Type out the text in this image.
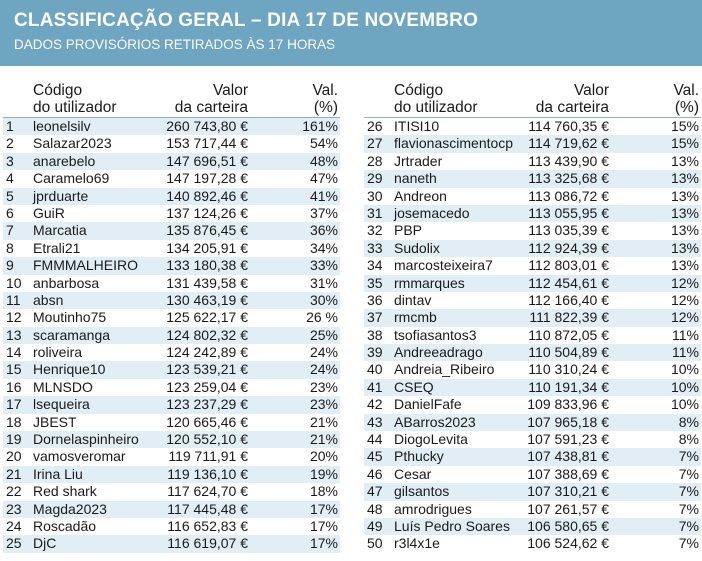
CLASSIFICAÇÃO GERAL – DIA 17 DE NOVEMBRO
DADOS PROVISÓRIOS RETIRADOS ÀS 17 HORAS
Código
do utilizador
Valor
da carteira
Val.
(%)
1 leonelsilv	260 743,80 €	161%
2 Salazar2023	153 717,44 €	54%
3 anarebelo	147 696,51 €	48%
4 Caramelo69	147 197,28 €	47%
5 jprduarte	140 892,46 €	41%
6 GuiR	137 124,26 €	37%
7 Marcatia	135 876,45 €	36%
8 Etrali21	134 205,91 €	34%
9 FMMMALHEIRO 133 180,38 €	33%
10 anbarbosa	131 439,58 €	31%
11 absn	130 463,19 €	30%
12 Moutinho75	125 622,17 €	26 %
13 scaramanga	124 802,32 €	25%
14 roliveira	124 242,89 €	24%
15 Henrique10	123 539,21 €	24%
16 MLNSDO	123 259,04 €	23%
17 lsequeira	123 237,29 €	23%
18 JBEST	120 665,46 €	21%
19 Dornelaspinheiro 120 552,10 €	21%
20 vamosveromar	119 711,91 €	20%
21 Irina Liu	119 136,10 €	19%
22 Red shark	117 624,70 €	18%
23 Magda2023	117 445,48 €	17%
24 Roscadão	116 652,83 €	17%
25 DjC	116 619,07 €	17%
Código
do utilizador
Valor
da carteira
Val.
(%)
26 ITISI10	114 760,35 €	15%
27 flavionascimentocp 114 719,62 €	15%
28 Jrtrader	113 439,90 €	13%
29 naneth	113 325,68 €	13%
30 Andreon	113 086,72 €	13%
31 josemacedo	113 055,95 €	13%
32 PBP	113 035,39 €	13%
33 Sudolix	112 924,39 €	13%
34 marcosteixeira7	112 803,01 €	13%
35 rmmarques	112 454,61 €	12%
36 dintav	112 166,40 €	12%
37 rmcmb	111 822,39 €	12%
38 tsofiasantos3	110 872,05 €	11%
39 Andreeadrago	110 504,89 €	11%
40 Andreia_Ribeiro 110 310,24 €	10%
41 CSEQ	110 191,34 €	10%
42 DanielFafe	109 833,96 €	10%
43 ABarros2023	107 965,18 €	8%
44 DiogoLevita	107 591,23 €	8%
45 Pthucky	107 438,81 €	7%
46 Cesar	107 388,69 €	7%
47 gilsantos	107 310,21 €	7%
48 amrodrigues	107 261,57 €	7%
49 Luís Pedro Soares 106 580,65 €	7%
50 r3l4x1e	106 524,62 €	7%
